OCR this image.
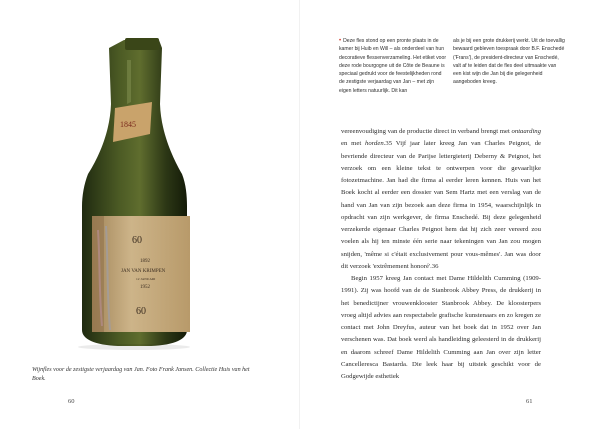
1845
60
1892
JAN VAN KRIMPEN
12 JANUARI
1952
60

Wijnfles voor de zestigste verjaardag van Jan. Foto Frank Jansen. Collectie Huis van het Boek.

60

• Deze fles stond op een pronte plaats in de kamer bij Huib en Will – als onderdeel van hun decoratieve flessenverzameling. Het etiket voor deze rode bourgogne uit de Côte de Beaune is speciaal gedrukt voor de feestelijkheden rond de zestigste verjaardag van Jan – met zijn eigen letters natuurlijk. Dit kan

als je bij een grote drukkerij werkt. Uit de toevallig bewaard gebleven toespraak door B.F. Enschedé ('Frans'), de president-directeur van Enschedé, valt af te leiden dat de fles deel uitmaakte van een kist wijn die Jan bij die gelegenheid aangeboden kreeg.

vereenvoudiging van de productie direct in verband brengt met ontaarding en met horden.35 Vijf jaar later kreeg Jan van Charles Peignot, de bevriende directeur van de Parijse lettergieterij Deberny & Peignot, het verzoek om een kleine tekst te ontwerpen voor die gevaarlijke fotozetmachine. Jan had die firma al eerder leren kennen. Huis van het Boek kocht al eerder een dossier van Sem Hartz met een verslag van de hand van Jan van zijn bezoek aan deze firma in 1954, waarschijnlijk in opdracht van zijn werkgever, de firma Enschedé. Bij deze gelegenheid verzekerde eigenaar Charles Peignot hem dat hij zich zeer vereerd zou voelen als hij ten minste één serie naar tekeningen van Jan zou mogen snijden, 'même si c'était exclusivement pour vous-mêmes'. Jan was door dit verzoek 'extrêmement honoré'.36

Begin 1957 kreeg Jan contact met Dame Hildelith Cumming (1909-1991). Zij was hoofd van de de Stanbrook Abbey Press, de drukkerij in het benedictijner vrouwenklooster Stanbrook Abbey. De kloosterpers vroeg altijd advies aan respectabele grafische kunstenaars en zo kregen ze contact met John Dreyfus, auteur van het boek dat in 1952 over Jan verschenen was. Dat boek werd als handleiding geleesterd in de drukkerij en daarom schreef Dame Hildelith Cumming aan Jan over zijn letter Cancelleresca Bastarda. Die leek haar bij uitstek geschikt voor de Godgewijde esthetiek

61
